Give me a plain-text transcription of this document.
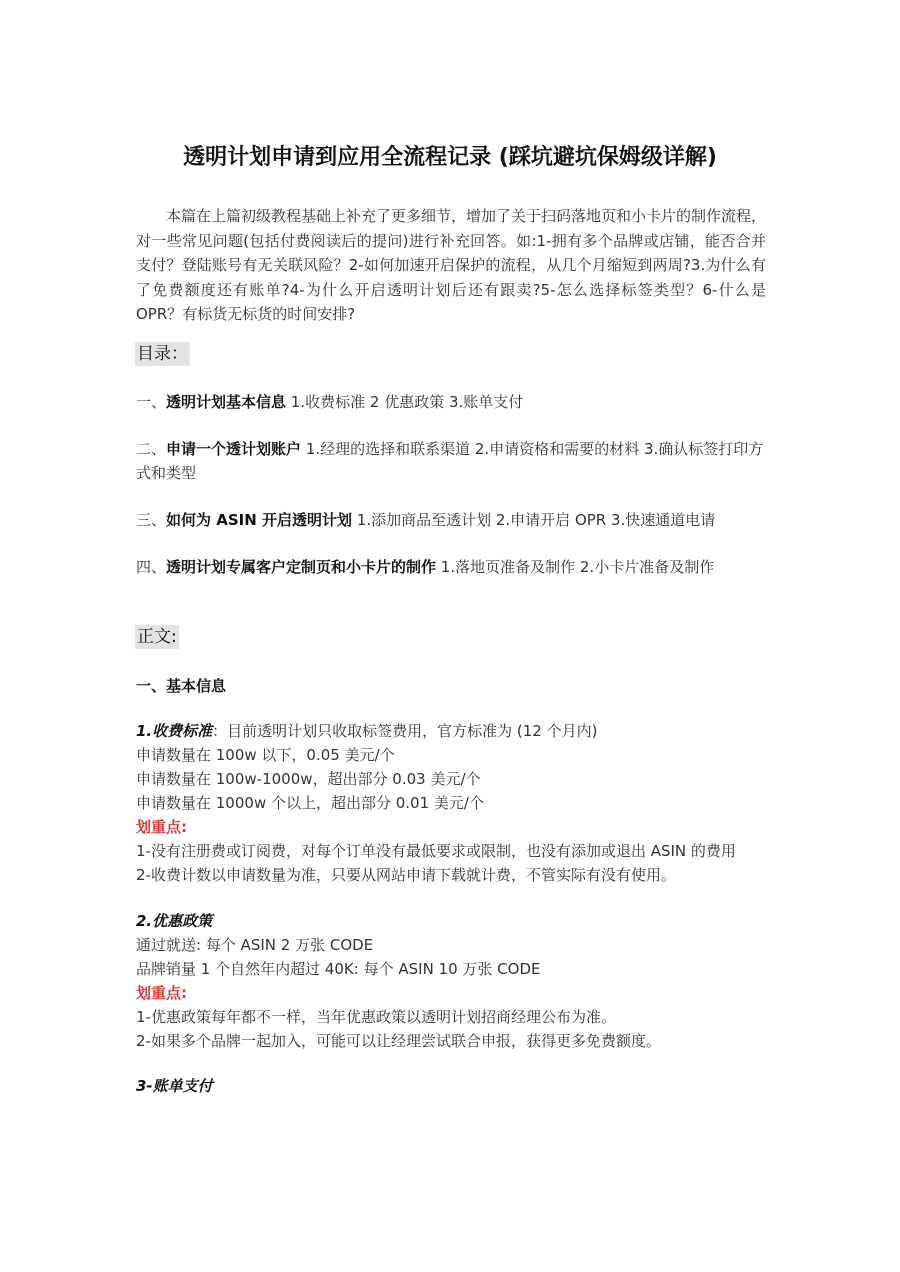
透明计划申请到应用全流程记录 (踩坑避坑保姆级详解)
本篇在上篇初级教程基础上补充了更多细节，增加了关于扫码落地页和小卡片的制作流程，对一些常见问题(包括付费阅读后的提问)进行补充回答。如:1-拥有多个品牌或店铺，能否合并支付？登陆账号有无关联风险？2-如何加速开启保护的流程，从几个月缩短到两周?3.为什么有了免费额度还有账单?4-为什么开启透明计划后还有跟卖?5-怎么选择标签类型？6-什么是 OPR？有标货无标货的时间安排?
目录：
一、透明计划基本信息 1.收费标准 2 优惠政策 3.账单支付
二、申请一个透计划账户 1.经理的选择和联系渠道 2.申请资格和需要的材料 3.确认标签打印方式和类型
三、如何为 ASIN 开启透明计划 1.添加商品至透计划 2.申请开启 OPR 3.快速通道电请
四、透明计划专属客户定制页和小卡片的制作 1.落地页准备及制作 2.小卡片准备及制作
正文:
一、基本信息
1.收费标准：目前透明计划只收取标签费用，官方标准为 (12 个月内)
申请数量在 100w 以下，0.05 美元/个
申请数量在 100w-1000w，超出部分 0.03 美元/个
申请数量在 1000w 个以上，超出部分 0.01 美元/个
划重点:
1-没有注册费或订阅费，对每个订单没有最低要求或限制，也没有添加或退出 ASIN 的费用
2-收费计数以申请数量为准，只要从网站申请下载就计费，不管实际有没有使用。
2.优惠政策
通过就送: 每个 ASIN 2 万张 CODE
品牌销量 1 个自然年内超过 40K: 每个 ASIN 10 万张 CODE
划重点:
1-优惠政策每年都不一样，当年优惠政策以透明计划招商经理公布为准。
2-如果多个品牌一起加入，可能可以让经理尝试联合申报，获得更多免费额度。
3-账单支付
